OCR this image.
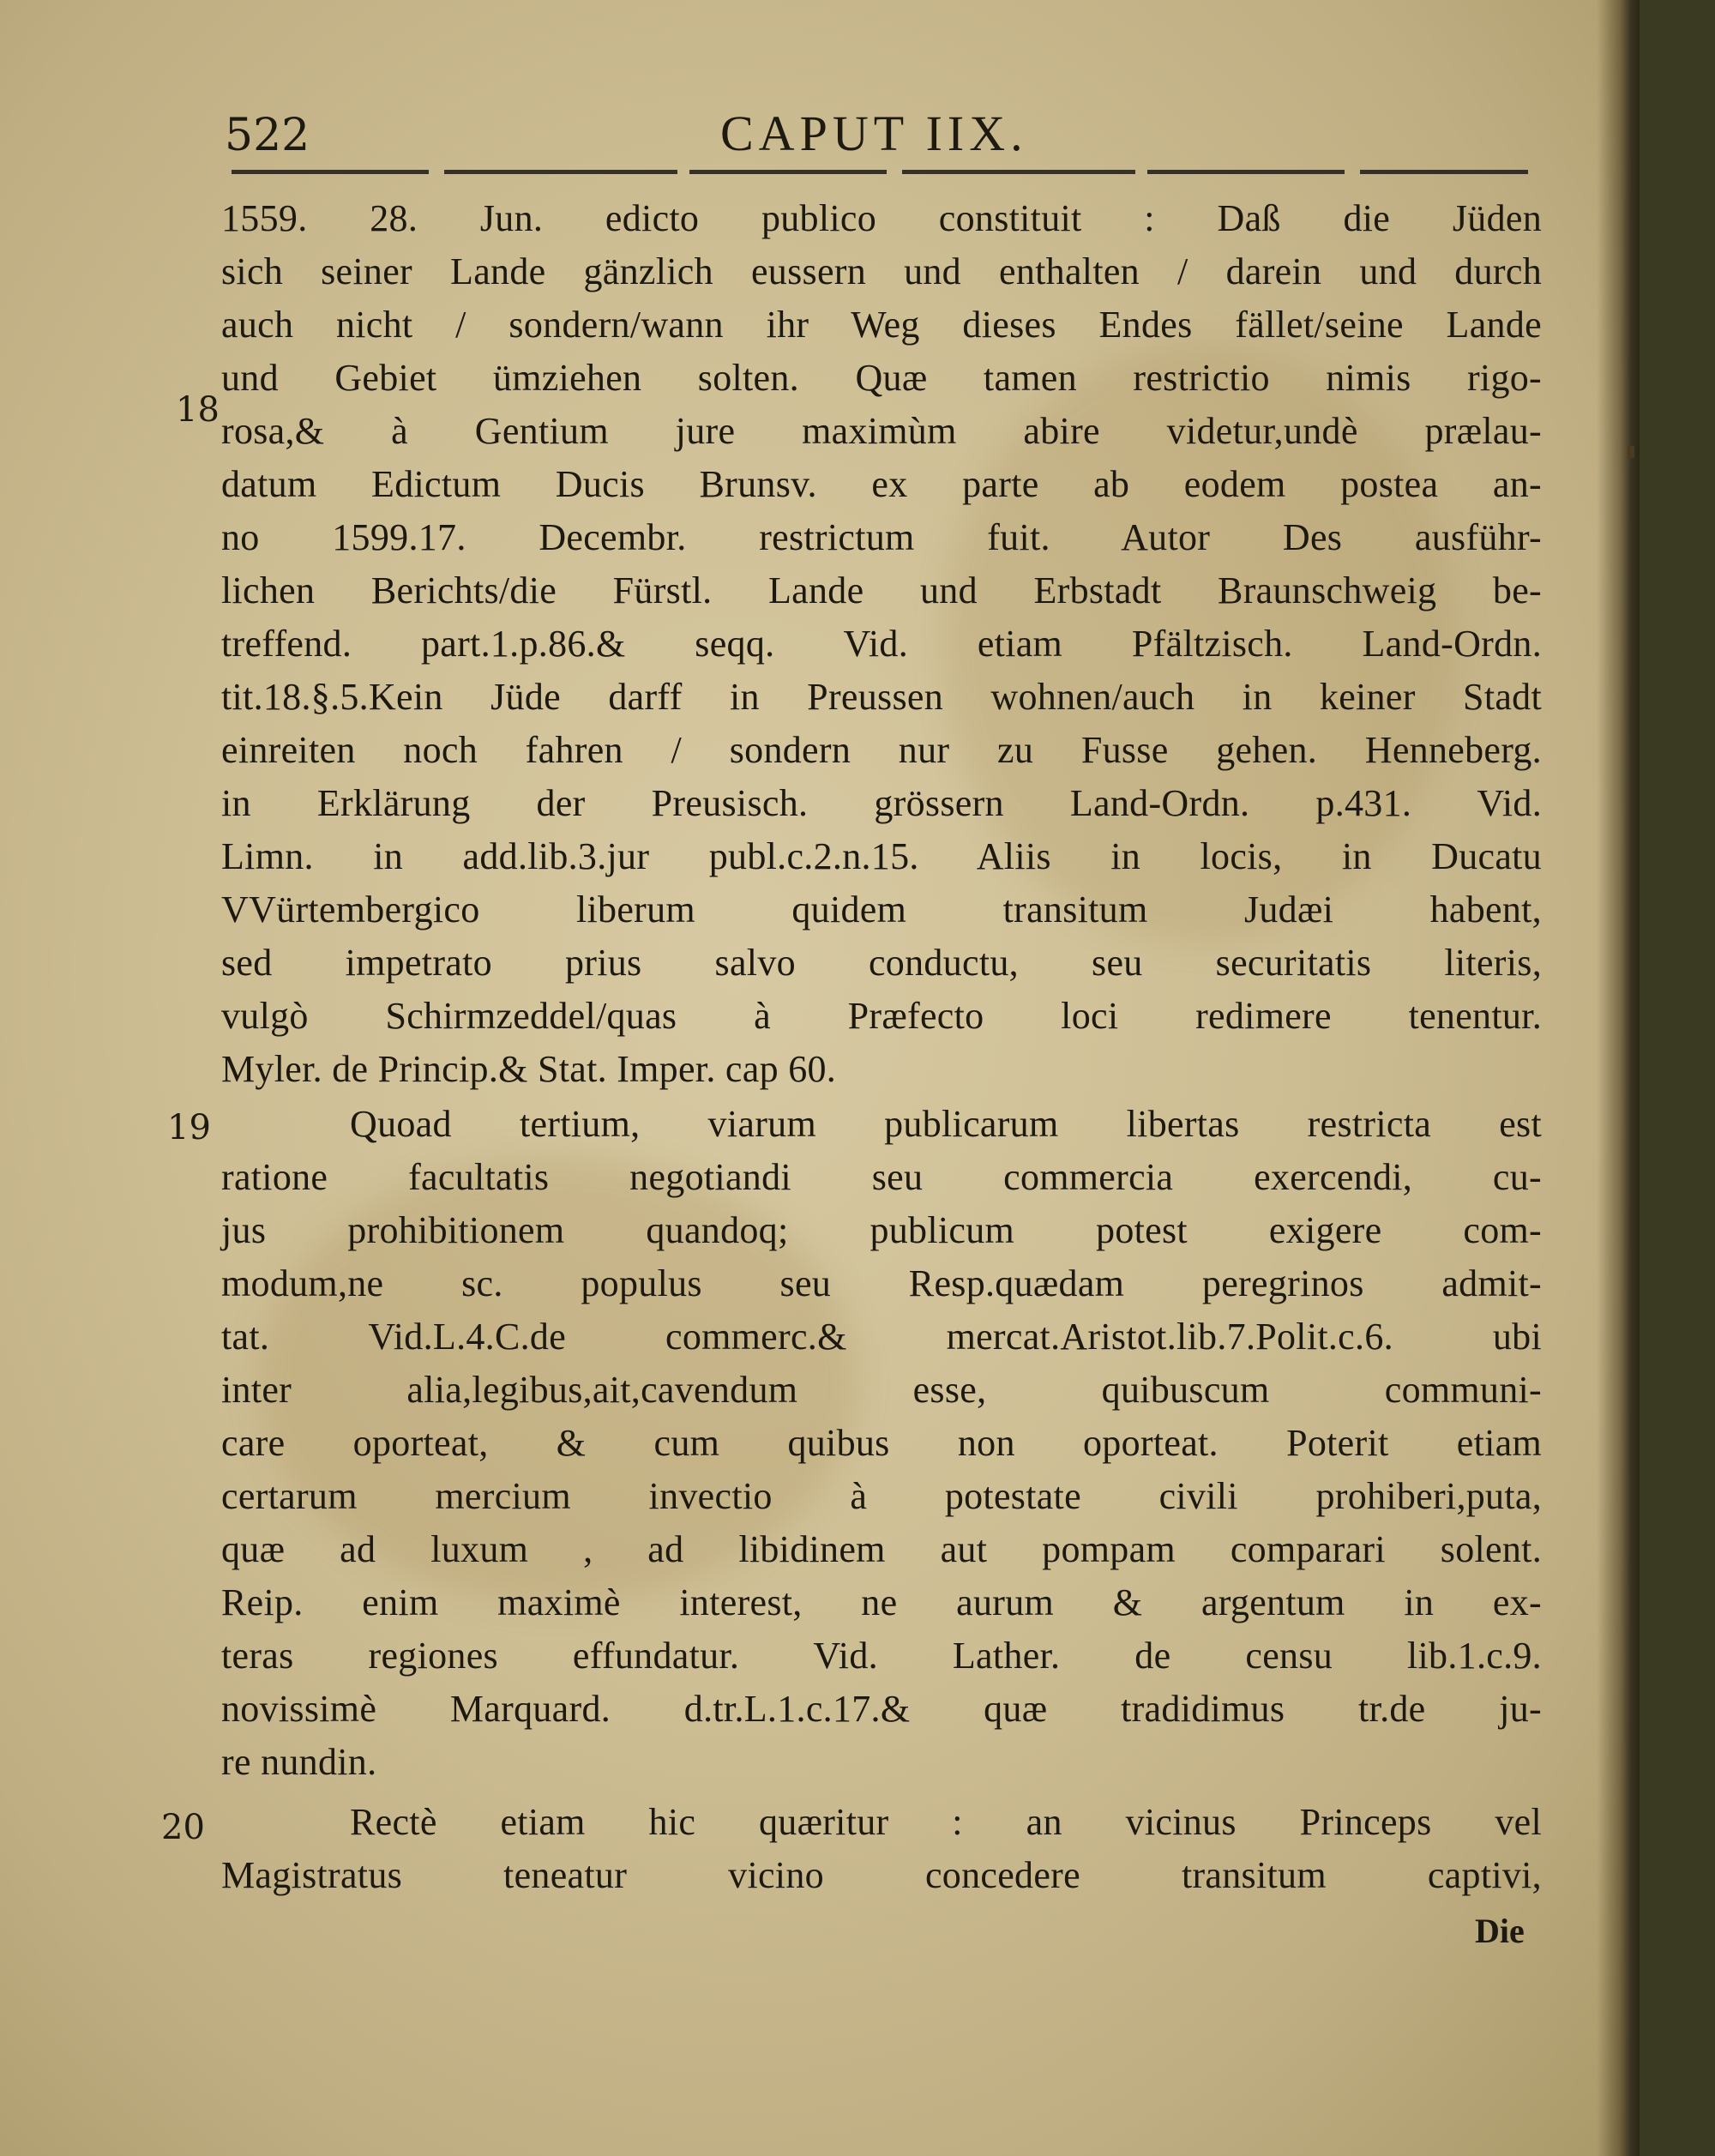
522	CAPUT IIX.
18
19
20
1559. 28. Jun. edicto publico constituit : Daß die Jüden
sich seiner Lande gänzlich eussern und enthalten / darein und durch
auch nicht / sondern/wann ihr Weg dieses Endes fället/seine Lande
und Gebiet ümziehen solten. Quæ tamen restrictio nimis rigo-
rosa,& à Gentium jure maximùm abire videtur,undè prælau-
datum Edictum Ducis Brunsv. ex parte ab eodem postea an-
no 1599.17. Decembr. restrictum fuit. Autor Des ausführ-
lichen Berichts/die Fürstl. Lande und Erbstadt Braunschweig be-
treffend. part.1.p.86.& seqq. Vid. etiam Pfältzisch. Land-Ordn.
tit.18.§.5.Kein Jüde darff in Preussen wohnen/auch in keiner Stadt
einreiten noch fahren / sondern nur zu Fusse gehen. Henneberg.
in Erklärung der Preusisch. grössern Land-Ordn. p.431. Vid.
Limn. in add.lib.3.jur publ.c.2.n.15. Aliis in locis, in Ducatu
VVürtembergico liberum quidem transitum Judæi habent,
sed impetrato prius salvo conductu, seu securitatis literis,
vulgò Schirmzeddel/quas à Præfecto loci redimere tenentur.
Myler. de Princip.& Stat. Imper. cap 60.
Quoad tertium, viarum publicarum libertas restricta est
ratione facultatis negotiandi seu commercia exercendi, cu-
jus prohibitionem quandoq; publicum potest exigere com-
modum,ne sc. populus seu Resp.quædam peregrinos admit-
tat. Vid.L.4.C.de commerc.& mercat.Aristot.lib.7.Polit.c.6. ubi
inter alia,legibus,ait,cavendum esse, quibuscum communi-
care oporteat, & cum quibus non oporteat. Poterit etiam
certarum mercium invectio à potestate civili prohiberi,puta,
quæ ad luxum , ad libidinem aut pompam comparari solent.
Reip. enim maximè interest, ne aurum & argentum in ex-
teras regiones effundatur. Vid. Lather. de censu lib.1.c.9.
novissimè Marquard. d.tr.L.1.c.17.& quæ tradidimus tr.de ju-
re nundin.
Rectè etiam hic quæritur : an vicinus Princeps vel
Magistratus teneatur vicino concedere transitum captivi,
Die
